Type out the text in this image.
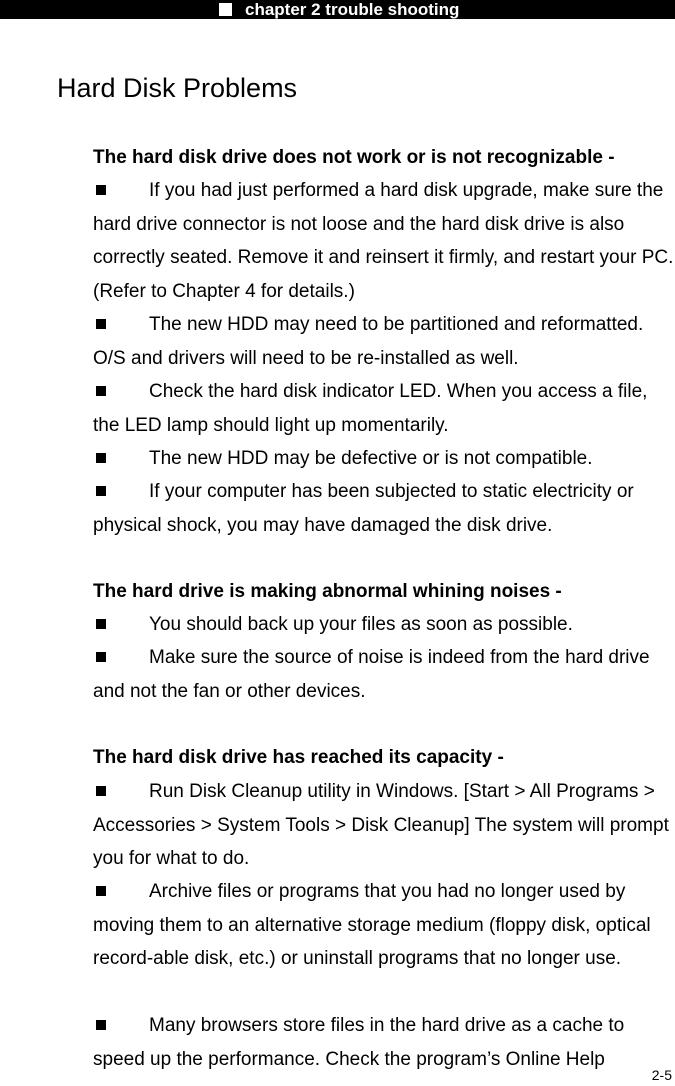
chapter 2 trouble shooting
Hard Disk Problems
The hard disk drive does not work or is not recognizable -

If you had just performed a hard disk upgrade, make sure the hard drive connector is not loose and the hard disk drive is also correctly seated. Remove it and reinsert it firmly, and restart your PC. (Refer to Chapter 4 for details.)

The new HDD may need to be partitioned and reformatted. O/S and drivers will need to be re-installed as well.

Check the hard disk indicator LED. When you access a file, the LED lamp should light up momentarily.

The new HDD may be defective or is not compatible.

If your computer has been subjected to static electricity or physical shock, you may have damaged the disk drive.

The hard drive is making abnormal whining noises -

You should back up your files as soon as possible.

Make sure the source of noise is indeed from the hard drive and not the fan or other devices.

The hard disk drive has reached its capacity -

Run Disk Cleanup utility in Windows. [Start > All Programs > Accessories > System Tools > Disk Cleanup] The system will prompt you for what to do.

Archive files or programs that you had no longer used by moving them to an alternative storage medium (floppy disk, optical record-able disk, etc.) or uninstall programs that no longer use.

Many browsers store files in the hard drive as a cache to speed up the performance. Check the program’s Online Help

2-5
